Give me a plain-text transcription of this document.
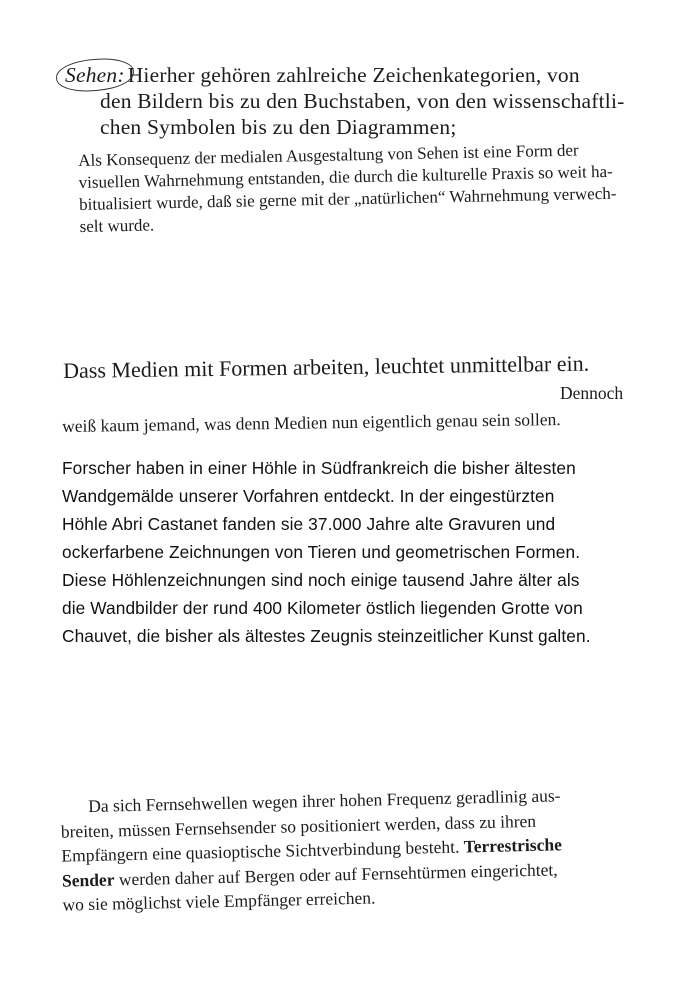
Sehen: Hierher gehören zahlreiche Zeichenkategorien, von
den Bildern bis zu den Buchstaben, von den wissenschaftli-
chen Symbolen bis zu den Diagrammen;
Als Konsequenz der medialen Ausgestaltung von Sehen ist eine Form der
visuellen Wahrnehmung entstanden, die durch die kulturelle Praxis so weit ha-
bitualisiert wurde, daß sie gerne mit der „natürlichen“ Wahrnehmung verwech-
selt wurde.
Dass Medien mit Formen arbeiten, leuchtet unmittelbar ein.
Dennoch
weiß kaum jemand, was denn Medien nun eigentlich genau sein sollen.
Forscher haben in einer Höhle in Südfrankreich die bisher ältesten
Wandgemälde unserer Vorfahren entdeckt. In der eingestürzten
Höhle Abri Castanet fanden sie 37.000 Jahre alte Gravuren und
ockerfarbene Zeichnungen von Tieren und geometrischen Formen.
Diese Höhlenzeichnungen sind noch einige tausend Jahre älter als
die Wandbilder der rund 400 Kilometer östlich liegenden Grotte von
Chauvet, die bisher als ältestes Zeugnis steinzeitlicher Kunst galten.
Da sich Fernsehwellen wegen ihrer hohen Frequenz geradlinig aus-
breiten, müssen Fernsehsender so positioniert werden, dass zu ihren
Empfängern eine quasioptische Sichtverbindung besteht. Terrestrische
Sender werden daher auf Bergen oder auf Fernsehtürmen eingerichtet,
wo sie möglichst viele Empfänger erreichen.
